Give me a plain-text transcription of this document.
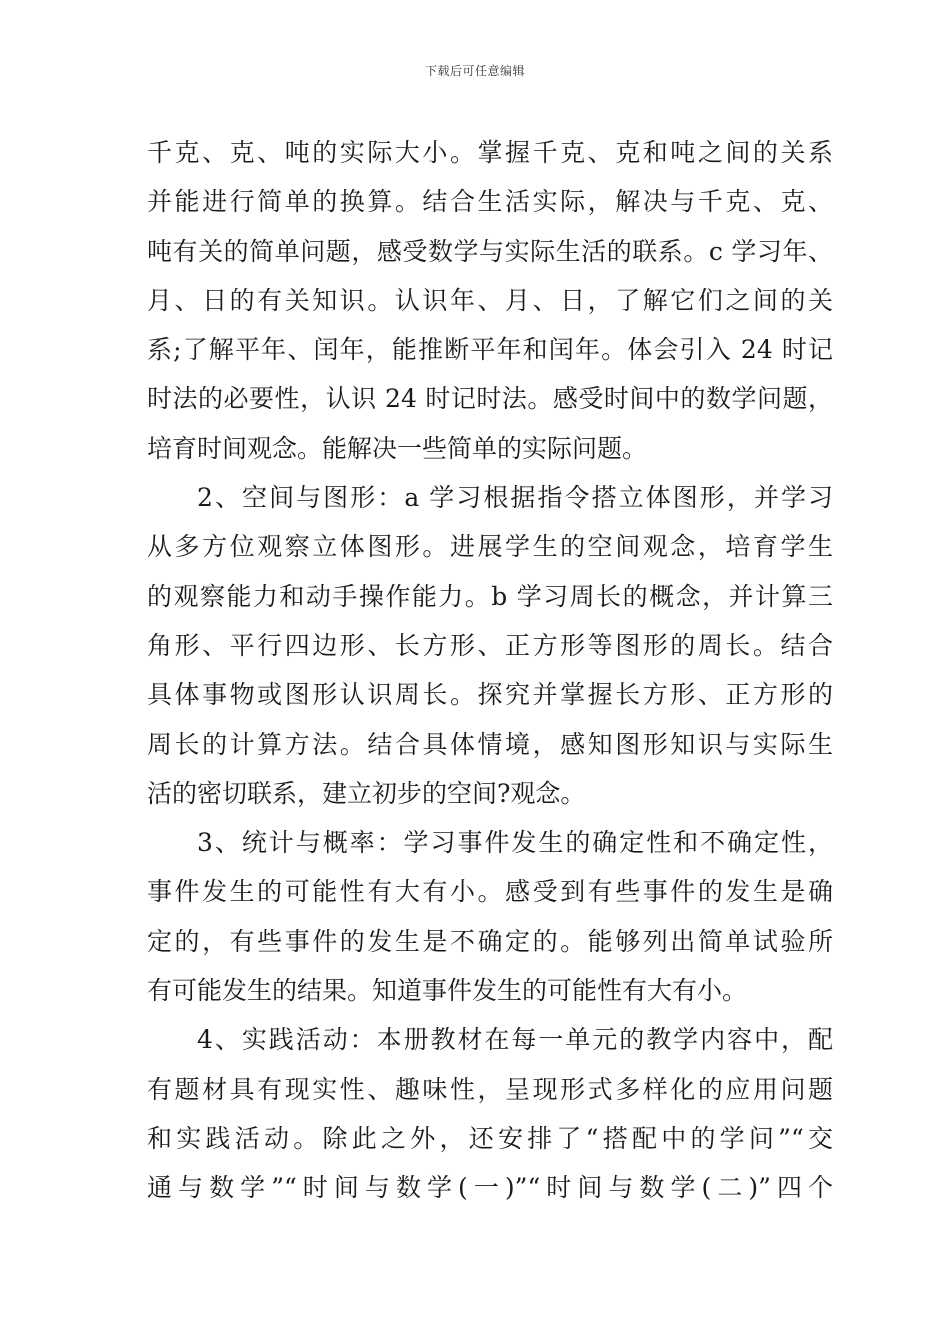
下载后可任意编辑
千克、克、吨的实际大小。掌握千克、克和吨之间的关系
并能进行简单的换算。结合生活实际，解决与千克、克、
吨有关的简单问题，感受数学与实际生活的联系。c 学习年、
月、日的有关知识。认识年、月、日，了解它们之间的关
系;了解平年、闰年，能推断平年和闰年。体会引入 24 时记
时法的必要性，认识 24 时记时法。感受时间中的数学问题，
培育时间观念。能解决一些简单的实际问题。
2、空间与图形：a 学习根据指令搭立体图形，并学习
从多方位观察立体图形。进展学生的空间观念，培育学生
的观察能力和动手操作能力。b 学习周长的概念，并计算三
角形、平行四边形、长方形、正方形等图形的周长。结合
具体事物或图形认识周长。探究并掌握长方形、正方形的
周长的计算方法。结合具体情境，感知图形知识与实际生
活的密切联系，建立初步的空间?观念。
3、统计与概率：学习事件发生的确定性和不确定性，
事件发生的可能性有大有小。感受到有些事件的发生是确
定的，有些事件的发生是不确定的。能够列出简单试验所
有可能发生的结果。知道事件发生的可能性有大有小。
4、实践活动：本册教材在每一单元的教学内容中，配
有题材具有现实性、趣味性，呈现形式多样化的应用问题
和实践活动。除此之外，还安排了“搭配中的学问”“交
通与数学”“时间与数学(一)”“时间与数学(二)”四个
